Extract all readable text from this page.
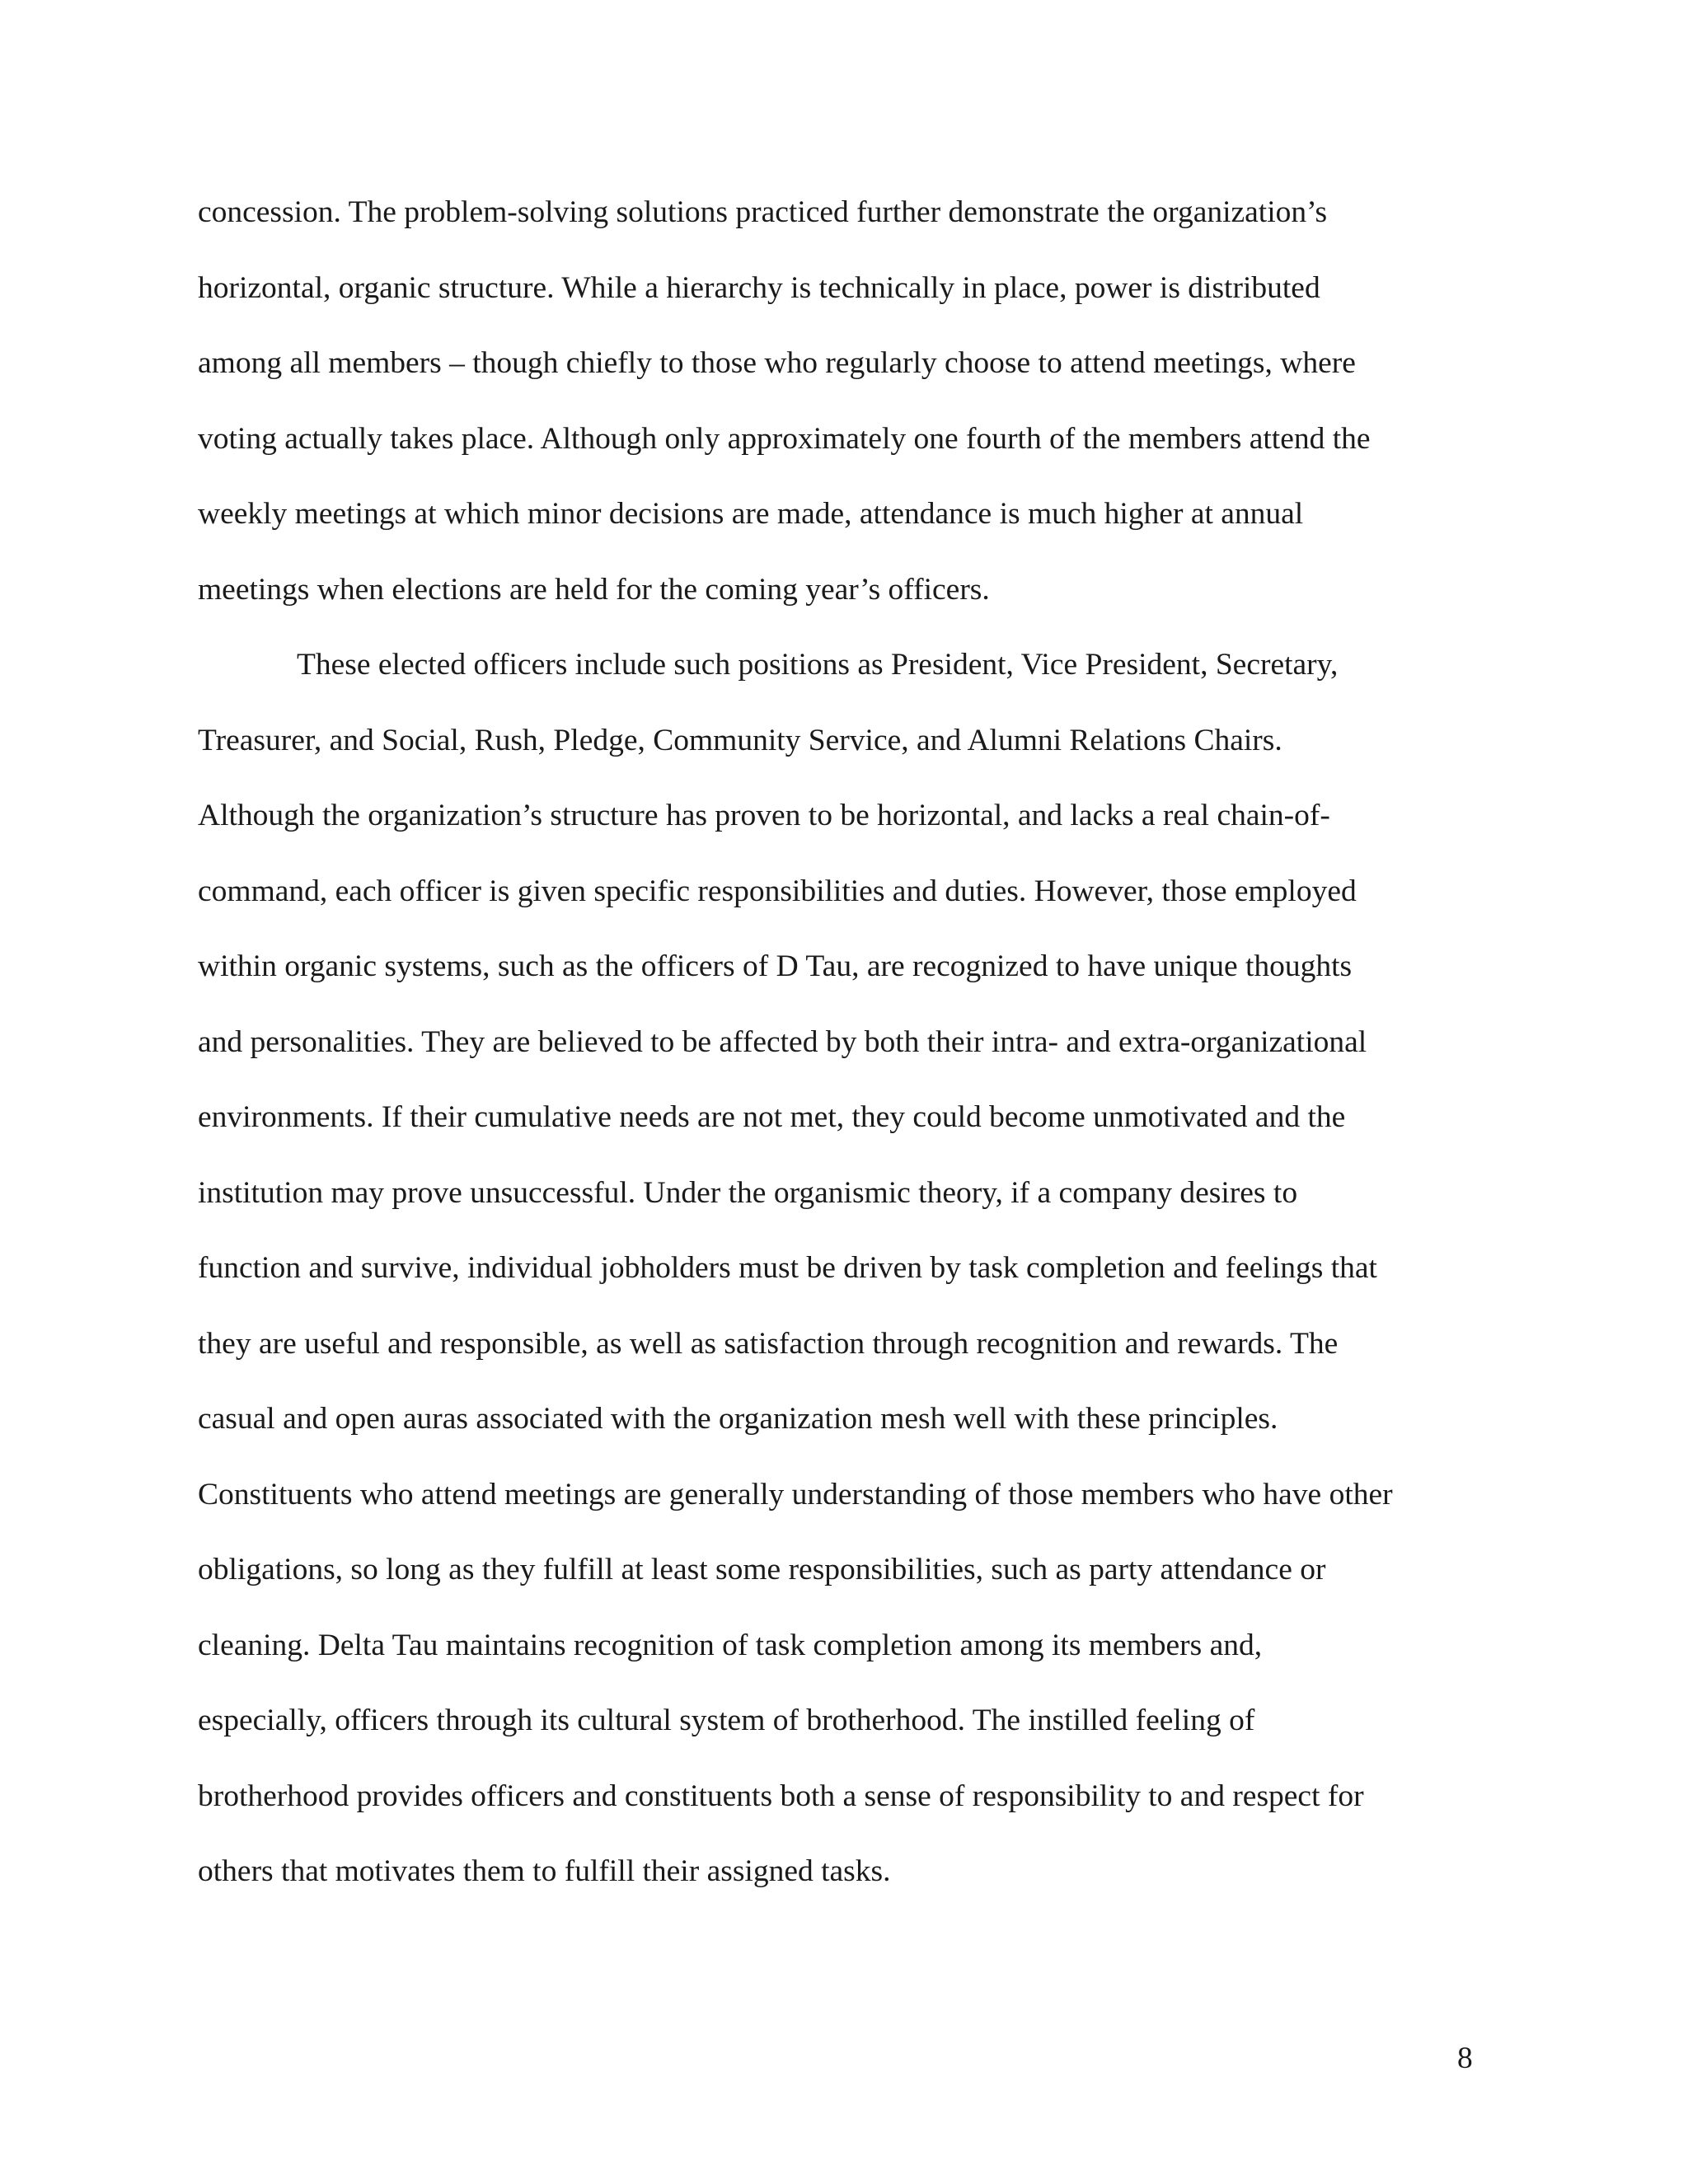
concession. The problem-solving solutions practiced further demonstrate the organization’s
horizontal, organic structure. While a hierarchy is technically in place, power is distributed
among all members – though chiefly to those who regularly choose to attend meetings, where
voting actually takes place. Although only approximately one fourth of the members attend the
weekly meetings at which minor decisions are made, attendance is much higher at annual
meetings when elections are held for the coming year’s officers.
These elected officers include such positions as President, Vice President, Secretary,
Treasurer, and Social, Rush, Pledge, Community Service, and Alumni Relations Chairs.
Although the organization’s structure has proven to be horizontal, and lacks a real chain-of-
command, each officer is given specific responsibilities and duties. However, those employed
within organic systems, such as the officers of D Tau, are recognized to have unique thoughts
and personalities. They are believed to be affected by both their intra- and extra-organizational
environments. If their cumulative needs are not met, they could become unmotivated and the
institution may prove unsuccessful. Under the organismic theory, if a company desires to
function and survive, individual jobholders must be driven by task completion and feelings that
they are useful and responsible, as well as satisfaction through recognition and rewards. The
casual and open auras associated with the organization mesh well with these principles.
Constituents who attend meetings are generally understanding of those members who have other
obligations, so long as they fulfill at least some responsibilities, such as party attendance or
cleaning. Delta Tau maintains recognition of task completion among its members and,
especially, officers through its cultural system of brotherhood. The instilled feeling of
brotherhood provides officers and constituents both a sense of responsibility to and respect for
others that motivates them to fulfill their assigned tasks.
8
